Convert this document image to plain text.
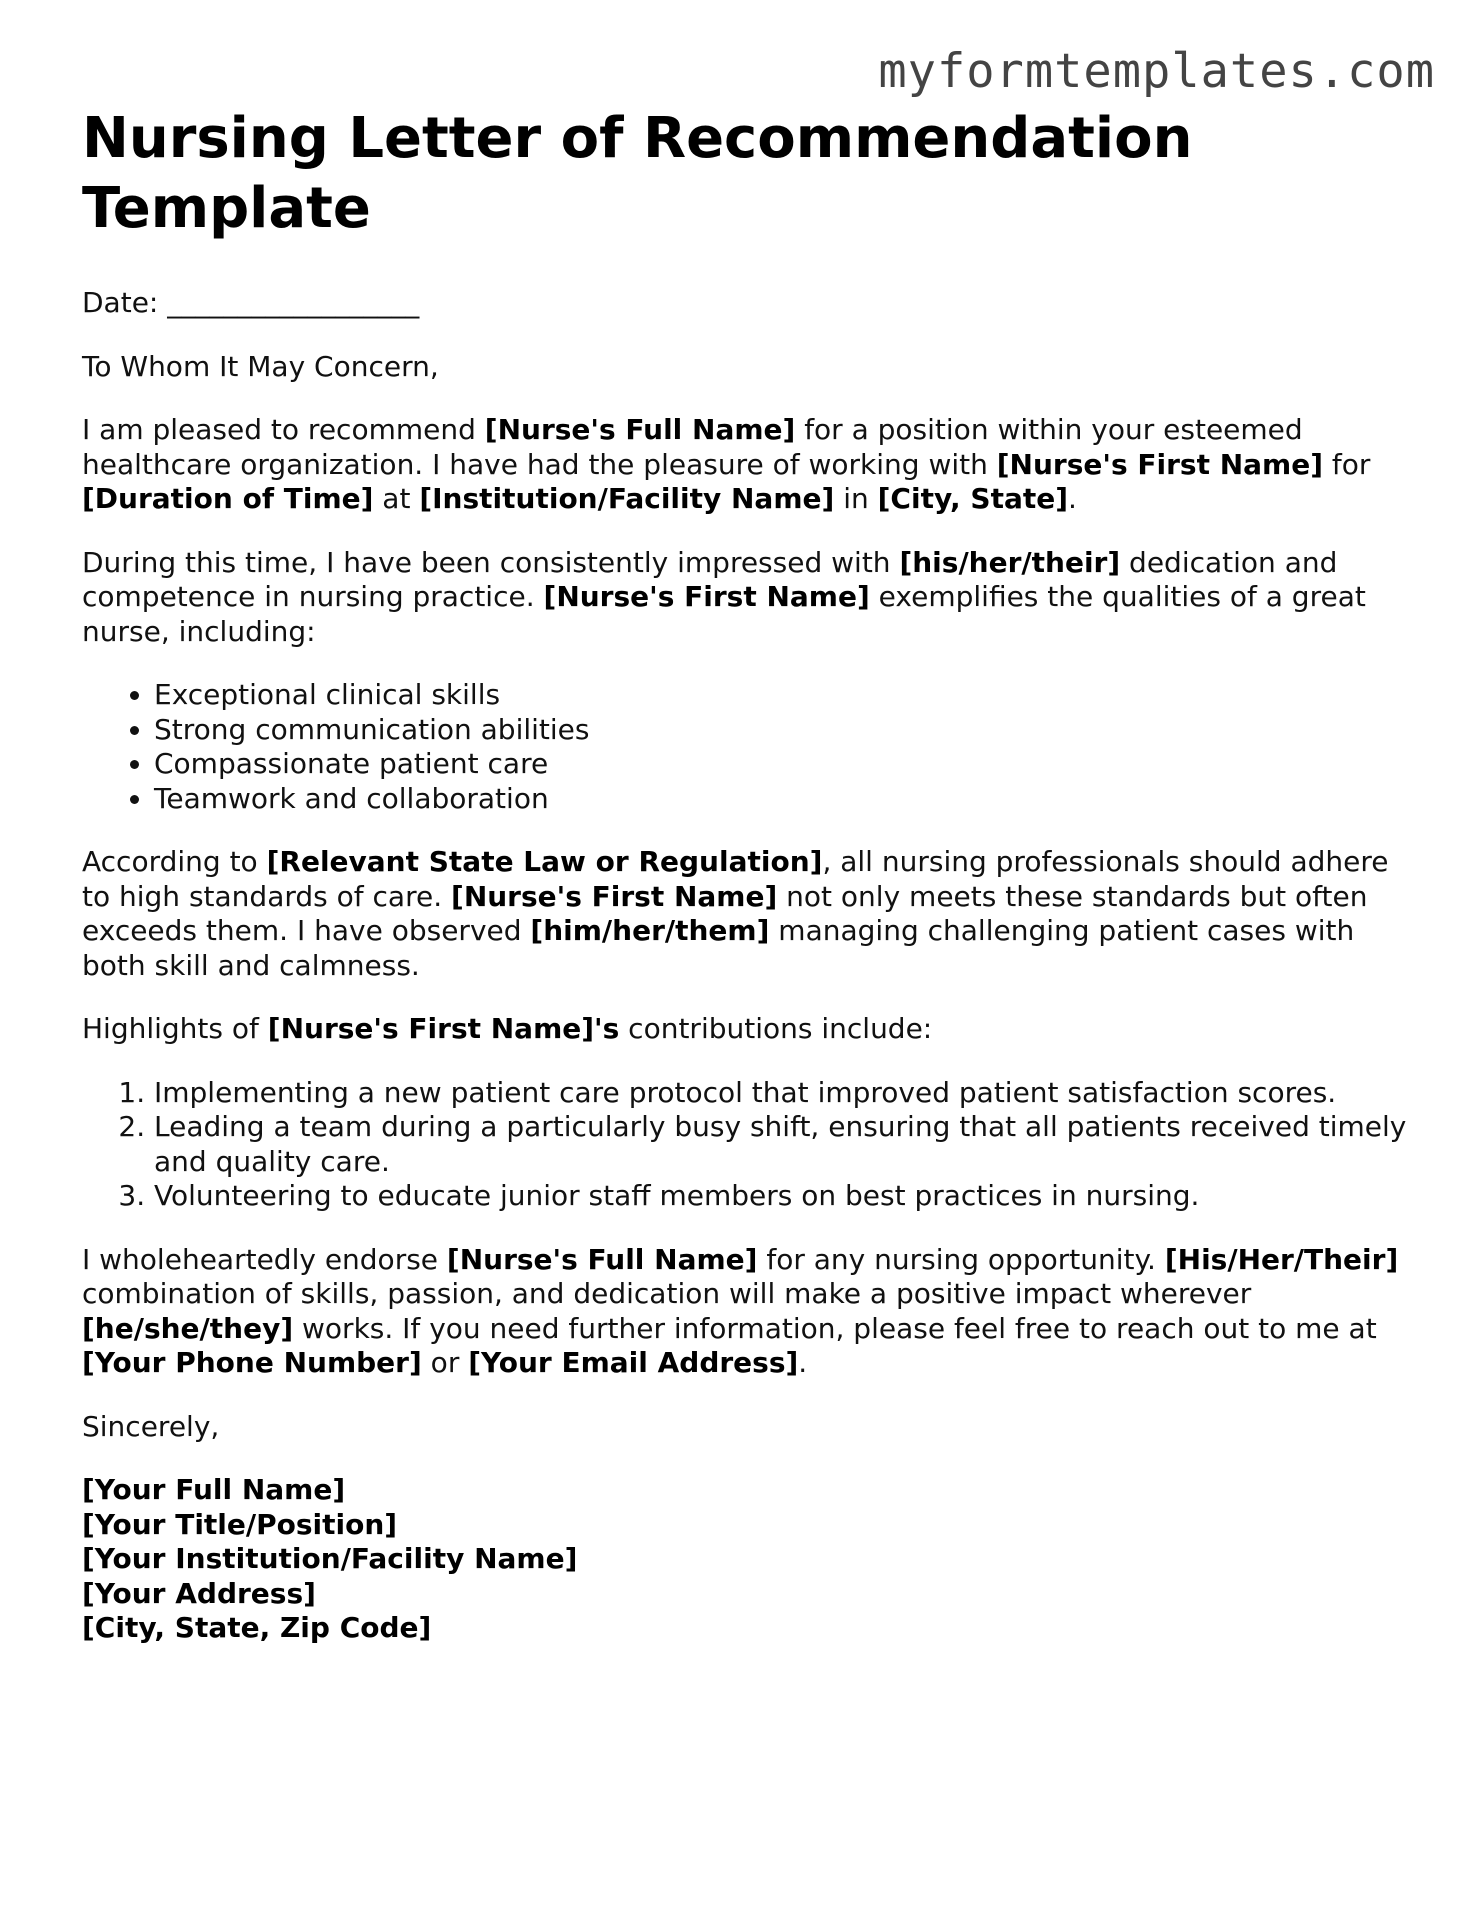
myformtemplates.com
Nursing Letter of Recommendation Template

Date: __________________

To Whom It May Concern,

I am pleased to recommend [Nurse's Full Name] for a position within your esteemed healthcare organization. I have had the pleasure of working with [Nurse's First Name] for [Duration of Time] at [Institution/Facility Name] in [City, State].

During this time, I have been consistently impressed with [his/her/their] dedication and competence in nursing practice. [Nurse's First Name] exemplifies the qualities of a great nurse, including:

• Exceptional clinical skills
• Strong communication abilities
• Compassionate patient care
• Teamwork and collaboration

According to [Relevant State Law or Regulation], all nursing professionals should adhere to high standards of care. [Nurse's First Name] not only meets these standards but often exceeds them. I have observed [him/her/them] managing challenging patient cases with both skill and calmness.

Highlights of [Nurse's First Name]'s contributions include:

1. Implementing a new patient care protocol that improved patient satisfaction scores.
2. Leading a team during a particularly busy shift, ensuring that all patients received timely and quality care.
3. Volunteering to educate junior staff members on best practices in nursing.

I wholeheartedly endorse [Nurse's Full Name] for any nursing opportunity. [His/Her/Their] combination of skills, passion, and dedication will make a positive impact wherever [he/she/they] works. If you need further information, please feel free to reach out to me at [Your Phone Number] or [Your Email Address].

Sincerely,

[Your Full Name]
[Your Title/Position]
[Your Institution/Facility Name]
[Your Address]
[City, State, Zip Code]
